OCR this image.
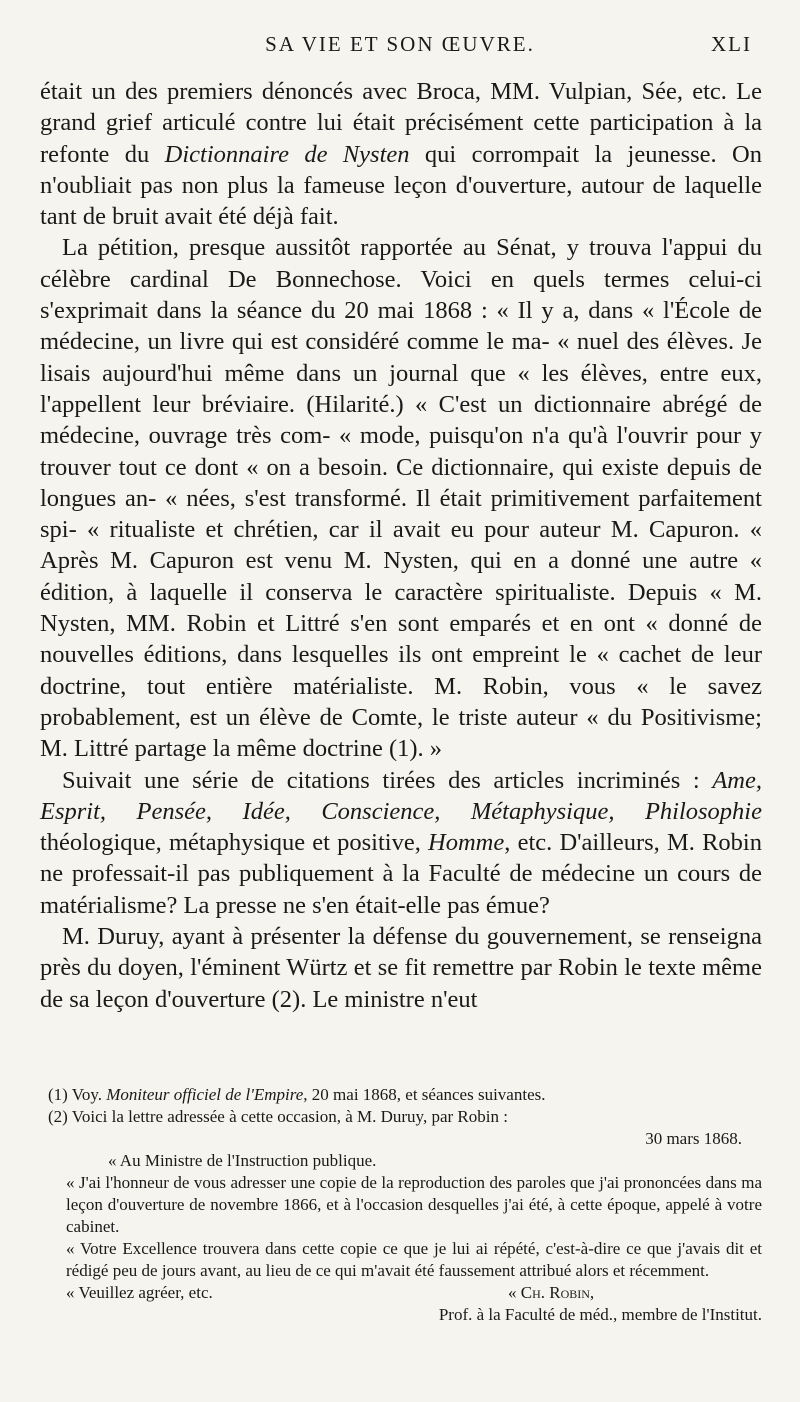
SA VIE ET SON ŒUVRE.	XLI

était un des premiers dénoncés avec Broca, MM. Vulpian, Sée, etc. Le grand grief articulé contre lui était précisément cette participation à la refonte du Dictionnaire de Nysten qui corrompait la jeunesse. On n'oubliait pas non plus la fameuse leçon d'ouverture, autour de laquelle tant de bruit avait été déjà fait.

La pétition, presque aussitôt rapportée au Sénat, y trouva l'appui du célèbre cardinal De Bonnechose. Voici en quels termes celui-ci s'exprimait dans la séance du 20 mai 1868 : « Il y a, dans « l'École de médecine, un livre qui est considéré comme le ma- « nuel des élèves. Je lisais aujourd'hui même dans un journal que « les élèves, entre eux, l'appellent leur bréviaire. (Hilarité.) « C'est un dictionnaire abrégé de médecine, ouvrage très com- « mode, puisqu'on n'a qu'à l'ouvrir pour y trouver tout ce dont « on a besoin. Ce dictionnaire, qui existe depuis de longues an- « nées, s'est transformé. Il était primitivement parfaitement spi- « ritualiste et chrétien, car il avait eu pour auteur M. Capuron. « Après M. Capuron est venu M. Nysten, qui en a donné une autre « édition, à laquelle il conserva le caractère spiritualiste. Depuis « M. Nysten, MM. Robin et Littré s'en sont emparés et en ont « donné de nouvelles éditions, dans lesquelles ils ont empreint le « cachet de leur doctrine, tout entière matérialiste. M. Robin, vous « le savez probablement, est un élève de Comte, le triste auteur « du Positivisme; M. Littré partage la même doctrine (1). »

Suivait une série de citations tirées des articles incriminés : Ame, Esprit, Pensée, Idée, Conscience, Métaphysique, Philosophie théologique, métaphysique et positive, Homme, etc. D'ailleurs, M. Robin ne professait-il pas publiquement à la Faculté de médecine un cours de matérialisme? La presse ne s'en était-elle pas émue?

M. Duruy, ayant à présenter la défense du gouvernement, se renseigna près du doyen, l'éminent Würtz et se fit remettre par Robin le texte même de sa leçon d'ouverture (2). Le ministre n'eut

(1) Voy. Moniteur officiel de l'Empire, 20 mai 1868, et séances suivantes.

(2) Voici la lettre adressée à cette occasion, à M. Duruy, par Robin :

30 mars 1868.

« Au Ministre de l'Instruction publique.

« J'ai l'honneur de vous adresser une copie de la reproduction des paroles que j'ai prononcées dans ma leçon d'ouverture de novembre 1866, et à l'occasion desquelles j'ai été, à cette époque, appelé à votre cabinet.

« Votre Excellence trouvera dans cette copie ce que je lui ai répété, c'est-à-dire ce que j'avais dit et rédigé peu de jours avant, au lieu de ce qui m'avait été faussement attribué alors et récemment.

« Veuillez agréer, etc.	« Ch. Robin,

Prof. à la Faculté de méd., membre de l'Institut.
